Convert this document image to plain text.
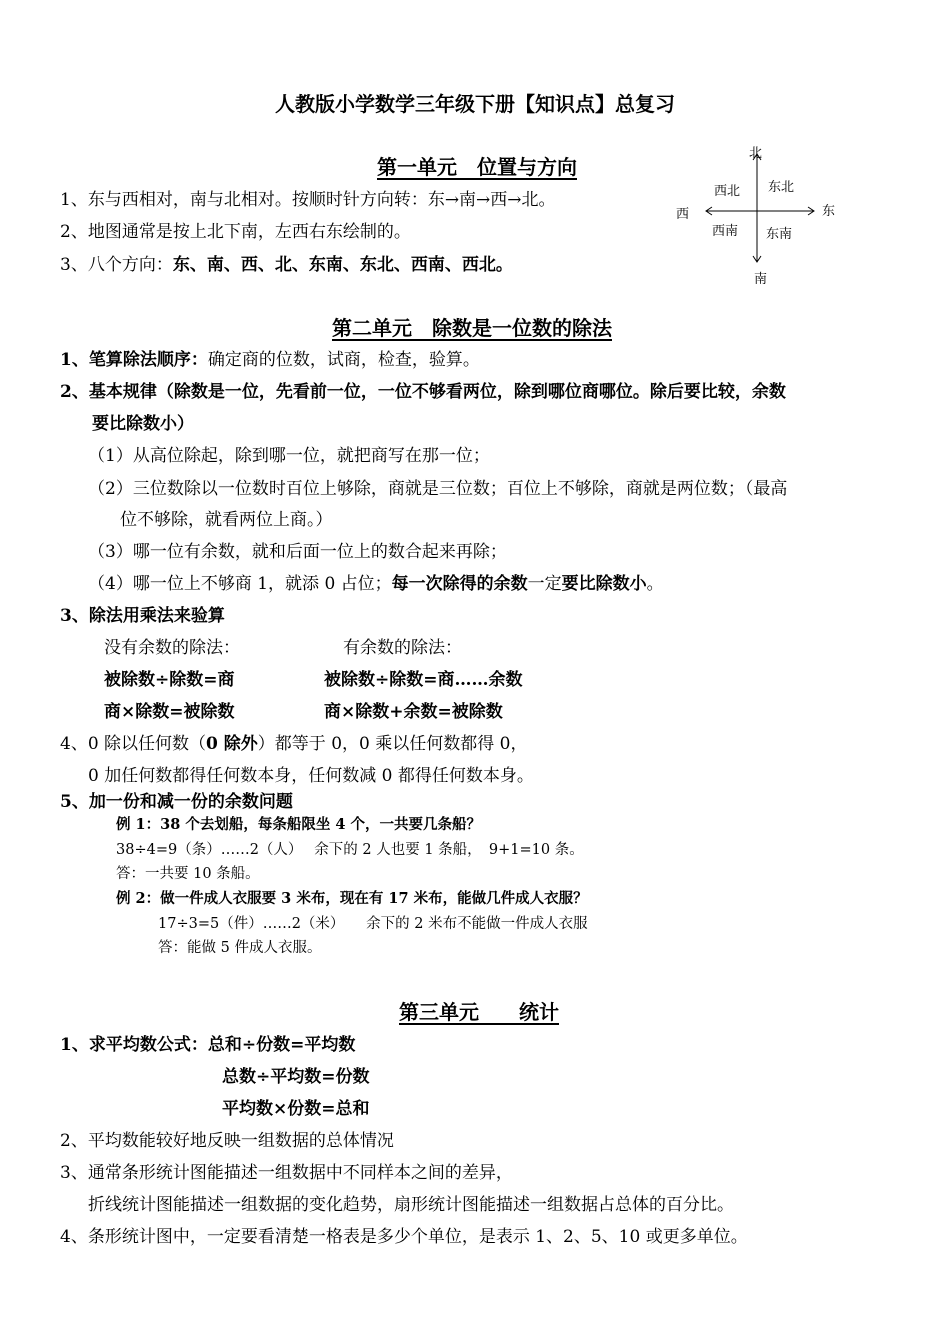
人教版小学数学三年级下册【知识点】总复习
第一单元　位置与方向
1、东与西相对，南与北相对。按顺时针方向转：东→南→西→北。
2、地图通常是按上北下南，左西右东绘制的。
3、八个方向：东、南、西、北、东南、东北、西南、西北。
北
南
西	东
西北 东北
西南 东南
第二单元　除数是一位数的除法
1、笔算除法顺序：确定商的位数，试商，检查，验算。
2、基本规律（除数是一位，先看前一位，一位不够看两位，除到哪位商哪位。除后要比较，余数
要比除数小）
（1）从高位除起，除到哪一位，就把商写在那一位；
（2）三位数除以一位数时百位上够除，商就是三位数；百位上不够除，商就是两位数；（最高
位不够除，就看两位上商。）
（3）哪一位有余数，就和后面一位上的数合起来再除；
（4）哪一位上不够商 1，就添 0 占位；每一次除得的余数一定要比除数小。
3、除法用乘法来验算
没有余数的除法：	有余数的除法：
被除数÷除数=商	被除数÷除数=商……余数
商×除数=被除数	商×除数+余数=被除数
4、0 除以任何数（0 除外）都等于 0，0 乘以任何数都得 0，
0 加任何数都得任何数本身，任何数减 0 都得任何数本身。
5、加一份和减一份的余数问题
例 1：38 个去划船，每条船限坐 4 个，一共要几条船？
38÷4=9（条）……2（人）　 余下的 2 人也要 1 条船，　9+1=10 条。
答：一共要 10 条船。
例 2：做一件成人衣服要 3 米布，现在有 17 米布，能做几件成人衣服？
17÷3=5（件）……2（米）　　余下的 2 米布不能做一件成人衣服
答：能做 5 件成人衣服。
第三单元　　统计
1、求平均数公式：总和÷份数=平均数
总数÷平均数=份数
平均数×份数=总和
2、平均数能较好地反映一组数据的总体情况
3、通常条形统计图能描述一组数据中不同样本之间的差异，
折线统计图能描述一组数据的变化趋势，扇形统计图能描述一组数据占总体的百分比。
4、条形统计图中，一定要看清楚一格表是多少个单位，是表示 1、2、5、10 或更多单位。
